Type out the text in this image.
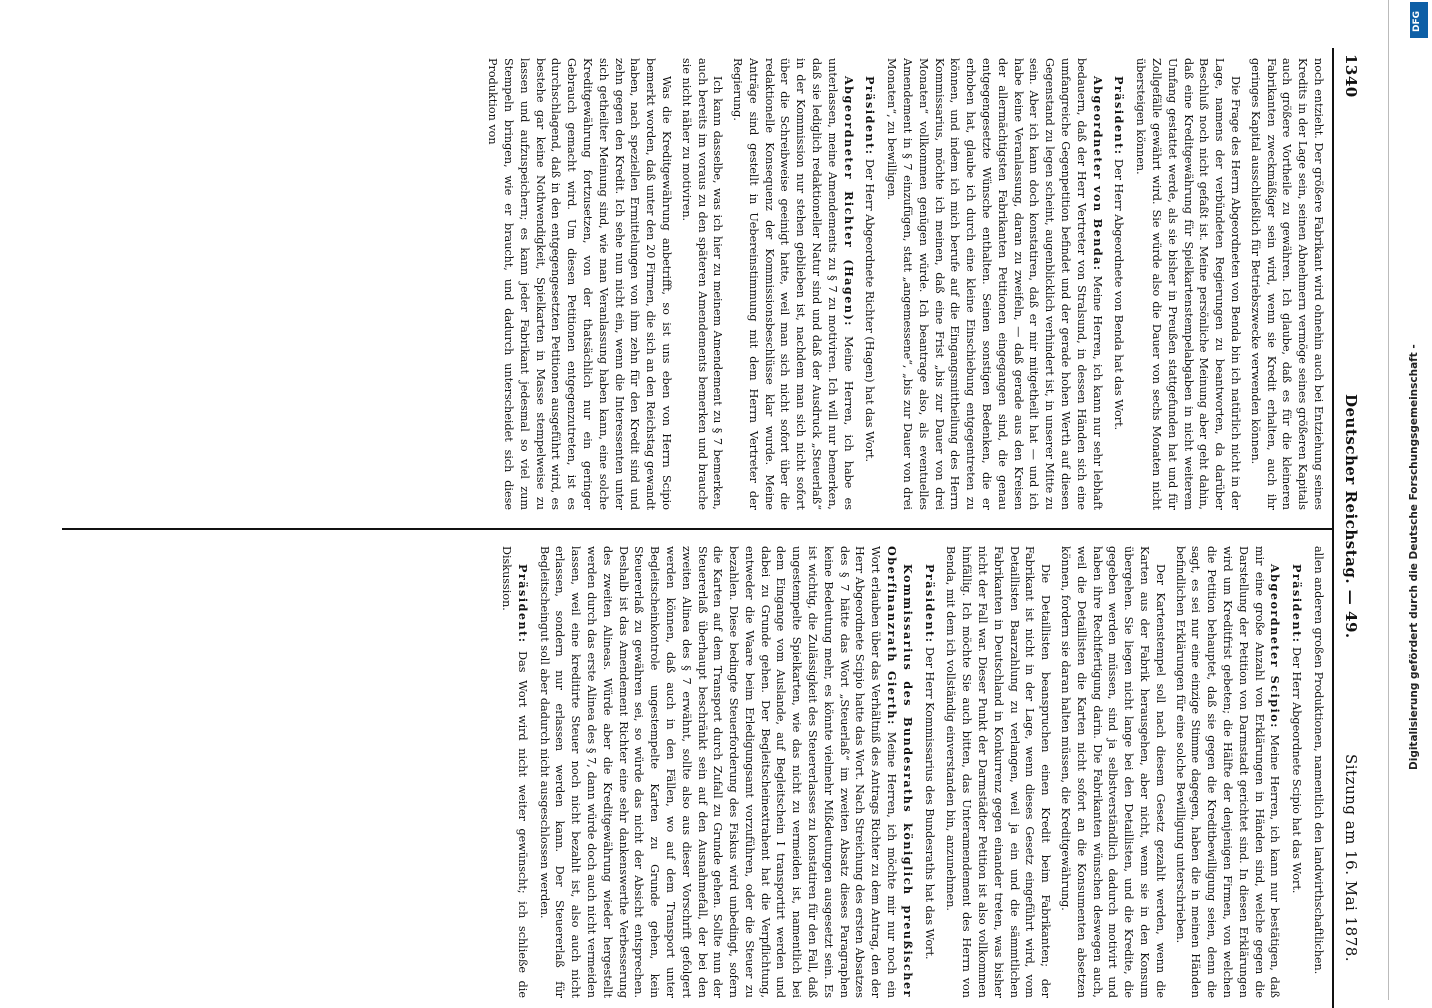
1340
Deutscher Reichstag. — 49.
Sitzung am 16. Mai 1878.

noch entzieht. Der größere Fabrikant wird ohnehin auch bei Entziehung seines Kredits in der Lage sein, seinen Abnehmern vermöge seines größeren Kapitals auch größere Vortheile zu gewähren. Ich glaube, daß es für die kleineren Fabrikanten zweckmäßiger sein wird, wenn sie Kredit erhalten, auch ihr geringes Kapital ausschließlich für Betriebszwecke verwenden können.

Die Frage des Herrn Abgeordneten von Benda bin ich natürlich nicht in der Lage, namens der verbündeten Regierungen zu beantworten, da darüber Beschluß noch nicht gefaßt ist. Meine persönliche Meinung aber geht dahin, daß eine Kreditgewährung für Spielkartenstempelabgaben in nicht weiterem Umfang gestattet werde, als sie bisher in Preußen stattgefunden hat und für Zollgefälle gewährt wird. Sie würde also die Dauer von sechs Monaten nicht übersteigen können.

Präsident: Der Herr Abgeordnete von Benda hat das Wort.

Abgeordneter von Benda: Meine Herren, ich kann nur sehr lebhaft bedauern, daß der Herr Vertreter von Stralsund, in dessen Händen sich eine umfangreiche Gegenpetition befindet und der gerade hohen Werth auf diesen Gegenstand zu legen scheint, augenblicklich verhindert ist, in unserer Mitte zu sein. Aber ich kann doch konstatiren, daß er mir mitgetheilt hat — und ich habe keine Veranlassung, daran zu zweifeln, — daß gerade aus den Kreisen der allermächtigsten Fabrikanten Petitionen eingegangen sind, die genau entgegengesetzte Wünsche enthalten. Seinen sonstigen Bedenken, die er erhoben hat, glaube ich durch eine kleine Einschiebung entgegentreten zu können, und indem ich mich berufe auf die Eingangsmittheilung des Herrn Kommissarius, möchte ich meinen, daß eine Frist „bis zur Dauer von drei Monaten“ vollkommen genügen würde. Ich beantrage also, als eventuelles Amendement in § 7 einzufügen, statt „angemessene“, „bis zur Dauer von drei Monaten“, zu bewilligen.

Präsident: Der Herr Abgeordnete Richter (Hagen) hat das Wort.

Abgeordneter Richter (Hagen): Meine Herren, ich habe es unterlassen, meine Amendements zu § 7 zu motiviren. Ich will nur bemerken, daß sie lediglich redaktioneller Natur sind und daß der Ausdruck „Steuerlaß“ in der Kommission nur stehen geblieben ist, nachdem man sich nicht sofort über die Schreibweise geeinigt hatte, weil man sich nicht sofort über die redaktionelle Konsequenz der Kommissionsbeschlüsse klar wurde. Meine Anträge sind gestellt in Uebereinstimmung mit dem Herrn Vertreter der Regierung.

Ich kann dasselbe, was ich hier zu meinem Amendement zu § 7 bemerken, auch bereits im voraus zu den späteren Amendements bemerken und brauche sie nicht näher zu motiviren.

Was die Kreditgewährung anbetrifft, so ist uns eben von Herrn Scipio bemerkt worden, daß unter den 20 Firmen, die sich an den Reichstag gewandt haben, nach speziellen Ermittelungen von ihm zehn für den Kredit sind und zehn gegen den Kredit. Ich sehe nun nicht ein, wenn die Interessenten unter sich getheilter Meinung sind, wie man Veranlassung haben kann, eine solche Kreditgewährung fortzusetzen, von der thatsächlich nur ein geringer Gebrauch gemacht wird. Um diesen Petitionen entgegenzutreten, ist es durchschlagend, daß in den entgegengesetzten Petitionen ausgeführt wird, es bestehe gar keine Nothwendigkeit, Spielkarten in Masse stempelweise zu lassen und aufzuspeichern; es kann jeder Fabrikant jedesmal so viel zum Stempeln bringen, wie er braucht, und dadurch unterscheidet sich diese Produktion von

allen anderen großen Produktionen, namentlich den landwirthschaftlichen.

Präsident: Der Herr Abgeordnete Scipio hat das Wort.

Abgeordneter Scipio: Meine Herren, ich kann nur bestätigen, daß mir eine große Anzahl von Erklärungen in Händen sind, welche gegen die Darstellung der Petition von Darmstadt gerichtet sind. In diesen Erklärungen wird um Kreditfrist gebeten; die Hälfte der denjenigen Firmen, von welchen die Petition behauptet, daß sie gegen die Kreditbewilligung seien, denn die sagt, es sei nur eine einzige Stimme dagegen, haben die in meinen Händen befindlichen Erklärungen für eine solche Bewilligung unterschrieben.

Der Kartenstempel soll nach diesem Gesetz gezahlt werden, wenn die Karten aus der Fabrik herausgehen, aber nicht, wenn sie in den Konsum übergehen. Sie liegen nicht lange bei den Detaillisten, und die Kredite, die gegeben werden müssen, sind ja selbstverständlich dadurch motivirt und haben ihre Rechtfertigung darin. Die Fabrikanten wünschen deswegen auch, weil die Detaillisten die Karten nicht sofort an die Konsumenten absetzen können, fordern sie daran halten müssen, die Kreditgewährung.

Die Detaillisten beanspruchen einen Kredit beim Fabrikanten; der Fabrikant ist nicht in der Lage, wenn dieses Gesetz eingeführt wird, vom Detaillisten Baarzahlung zu verlangen, weil ja ein und die sämmtlichen Fabrikanten in Deutschland in Konkurrenz gegen einander treten, was bisher nicht der Fall war. Dieser Punkt der Darmstädter Petition ist also vollkommen hinfällig. Ich möchte Sie auch bitten, das Unteramendement des Herrn von Benda, mit dem ich vollständig einverstanden bin, anzunehmen.

Präsident: Der Herr Kommissarius des Bundesraths hat das Wort.

Kommissarius des Bundesraths königlich preußischer Oberfinanzrath Gierth: Meine Herren, ich möchte mir nur noch ein Wort erlauben über das Verhältniß des Antrags Richter zu dem Antrag, den der Herr Abgeordnete Scipio hatte das Wort. Nach Streichung des ersten Absatzes des § 7 hätte das Wort „Steuerlaß“ im zweiten Absatz dieses Paragraphen keine Bedeutung mehr, es könnte vielmehr Mißdeutungen ausgesetzt sein. Es ist wichtig, die Zulässigkeit des Steuererlasses zu konstatiren für den Fall, daß ungestempelte Spielkarten, wie das nicht zu vermeiden ist, namentlich bei dem Eingange vom Auslande, auf Begleitschein I transportirt werden und dabei zu Grunde gehen. Der Begleitscheinextrahent hat die Verpflichtung, entweder die Waare beim Erledigungsamt vorzuführen, oder die Steuer zu bezahlen. Diese bedingte Steuerforderung des Fiskus wird unbedingt, sofern die Karten auf dem Transport durch Zufall zu Grunde gehen. Sollte nun der Steuererlaß überhaupt beschränkt sein auf den Ausnahmefall, der bei den zweiten Alinea des § 7 erwähnt, sollte also aus dieser Vorschrift gefolgert werden können, daß auch in den Fällen, wo auf dem Transport unter Begleitscheinkontrole ungestempelte Karten zu Grunde gehen, kein Steuererlaß zu gewähren sei, so würde das nicht der Absicht entsprechen. Deshalb ist das Amendement Richter eine sehr dankenswerthe Verbesserung des zweiten Alineas. Würde aber die Kreditgewährung wieder hergestellt werden durch das erste Alinea des § 7, dann würde doch auch nicht vermeiden lassen, weil eine kreditirte Steuer noch nicht bezahlt ist, also auch nicht erlassen, sondern nur erlassen werden kann. Der Steuererlaß für Begleitscheingut soll aber dadurch nicht ausgeschlossen werden.

Präsident: Das Wort wird nicht weiter gewünscht; ich schließe die Diskussion.

DFG
Digitalisierung gefördert durch die Deutsche Forschungsgemeinschaft -
